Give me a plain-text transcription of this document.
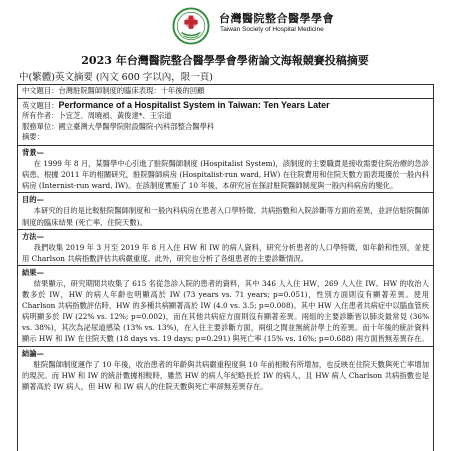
台灣醫院整合醫學學會
Taiwan Society of Hospital Medicine
2023 年台灣醫院整合醫學學會學術論文海報競賽投稿摘要
中(繁體)英文摘要 (內文 600 字以內，限一頁)
中文題目：台灣駐院醫師制度的臨床表現：十年後的回顧
英文題目：Performance of a Hospitalist System in Taiwan: Ten Years Later
所有作者：卜宜芝、周曉禎、黃俊達*、王宗道
服務單位：國立臺灣大學醫學院附設醫院-內科部整合醫學科
摘要：
背景—
在 1999 年 8 月，某醫學中心引進了駐院醫師制度 (Hospitalist System)，該制度的主要職責是接收需要住院治療的急診病患。根據 2011 年的相關研究，駐院醫師病房 (Hospitalist-run ward, HW) 在住院費用和住院天數方面表現優於一般內科病房 (Internist-run ward, IW)。在該制度實施了 10 年後，本研究旨在探討駐院醫師制度與一般內科病房的變化。
目的—
本研究的目的是比較駐院醫師制度和一般內科病房在患者入口學特徵、共病指數和入院診斷等方面的差異，並評估駐院醫師制度的臨床結果 (死亡率、住院天數)。
方法—
我們收集 2019 年 3 月至 2019 年 8 月入住 HW 和 IW 的病人資料，研究分析患者的人口學特徵，如年齡和性別，並使用 Charlson 共病指數評估共病嚴重度。此外，研究也分析了各組患者的主要診斷情況。
結果—
結果顯示，研究期間共收集了 615 名從急診入院的患者的資料，其中 346 人入住 HW，269 人入住 IW。HW 的收治人數多於 IW，HW 的病人年齡也明顯高於 IW (73 years vs. 71 years; p=0.051)，性別方面則沒有顯著差異。使用 Charlson 共病指數評估時，HW 的多種共病顯著高於 IW (4.0 vs. 3.5; p=0.008)。其中 HW 入住患者共病症中以腦血管疾病明顯多於 IW (22% vs. 12%; p=0.002)，而在其他共病症方面則沒有顯著差異。兩組的主要診斷皆以肺炎最常見 (36% vs. 38%)，其次為泌尿道感染 (13% vs. 13%)，在入住主要診斷方面，兩組之間並無統計學上的差異。而十年後的統計資料顯示 HW 和 IW 在住院天數 (18 days vs. 19 days; p=0.291) 與死亡率 (15% vs. 16%; p=0.688) 兩方面皆無差異存在。
結論—
駐院醫師制度運作了 10 年後，收治患者的年齡與共病嚴重程度與 10 年前相較有所增加，也反映在住院天數與死亡率增加的現況。而 HW 和 IW 的統計數據相較時，雖然 HW 的病人年紀略長於 IW 的病人，且 HW 病人 Charlson 共病指數也是顯著高於 IW 病人，但 HW 和 IW 病人的住院天數與死亡率卻無差異存在。
